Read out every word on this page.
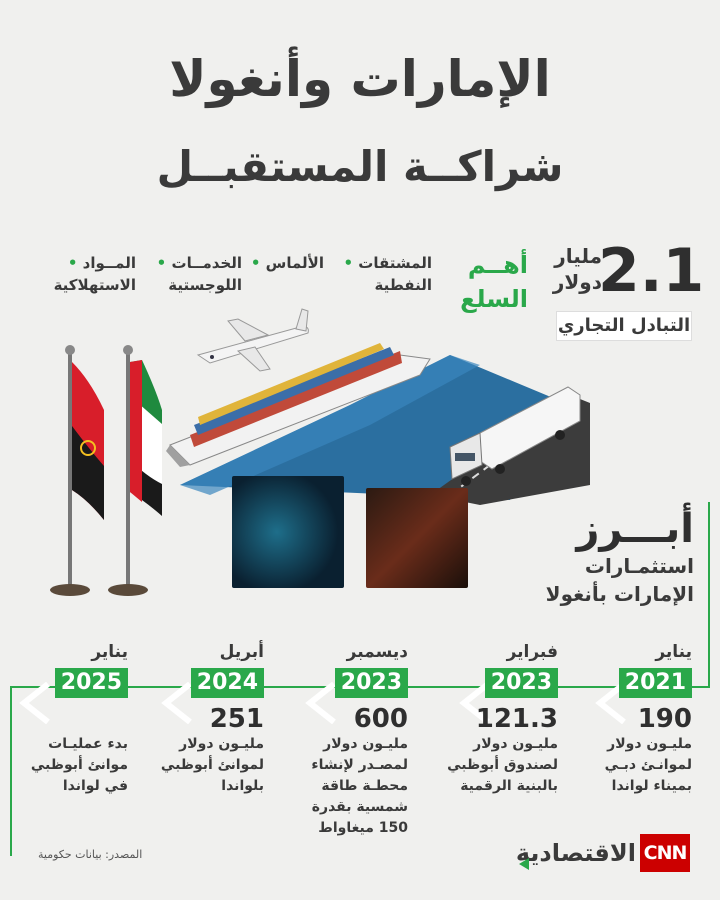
الإمارات وأنغولا
شراكــة المستقبــل
2.1
مليار
دولار
التبادل التجاري
أهــم
السلع
المشتقات •
النفطية
الألماس •
الخدمــات •
اللوجستية
المــواد •
الاستهلاكية
أبـــرز
استثمـارات
الإمارات بأنغولا
يناير
2021
190
مليـون دولار
لموانـئ دبـي
بميناء لواندا
فبراير
2023
121.3
مليـون دولار
لصندوق أبوظبي
بالبنية الرقمية
ديسمبر
2023
600
مليـون دولار
لمصـدر لإنشاء
محطـة طاقة
شمسية بقدرة
150 ميغاواط
أبريل
2024
251
مليـون دولار
لموانئ أبوظبي
بلواندا
يناير
2025
بدء عمليـات
موانئ أبوظبي
في لواندا
المصدر: بيانات حكومية	CNN
الاقتصادية
